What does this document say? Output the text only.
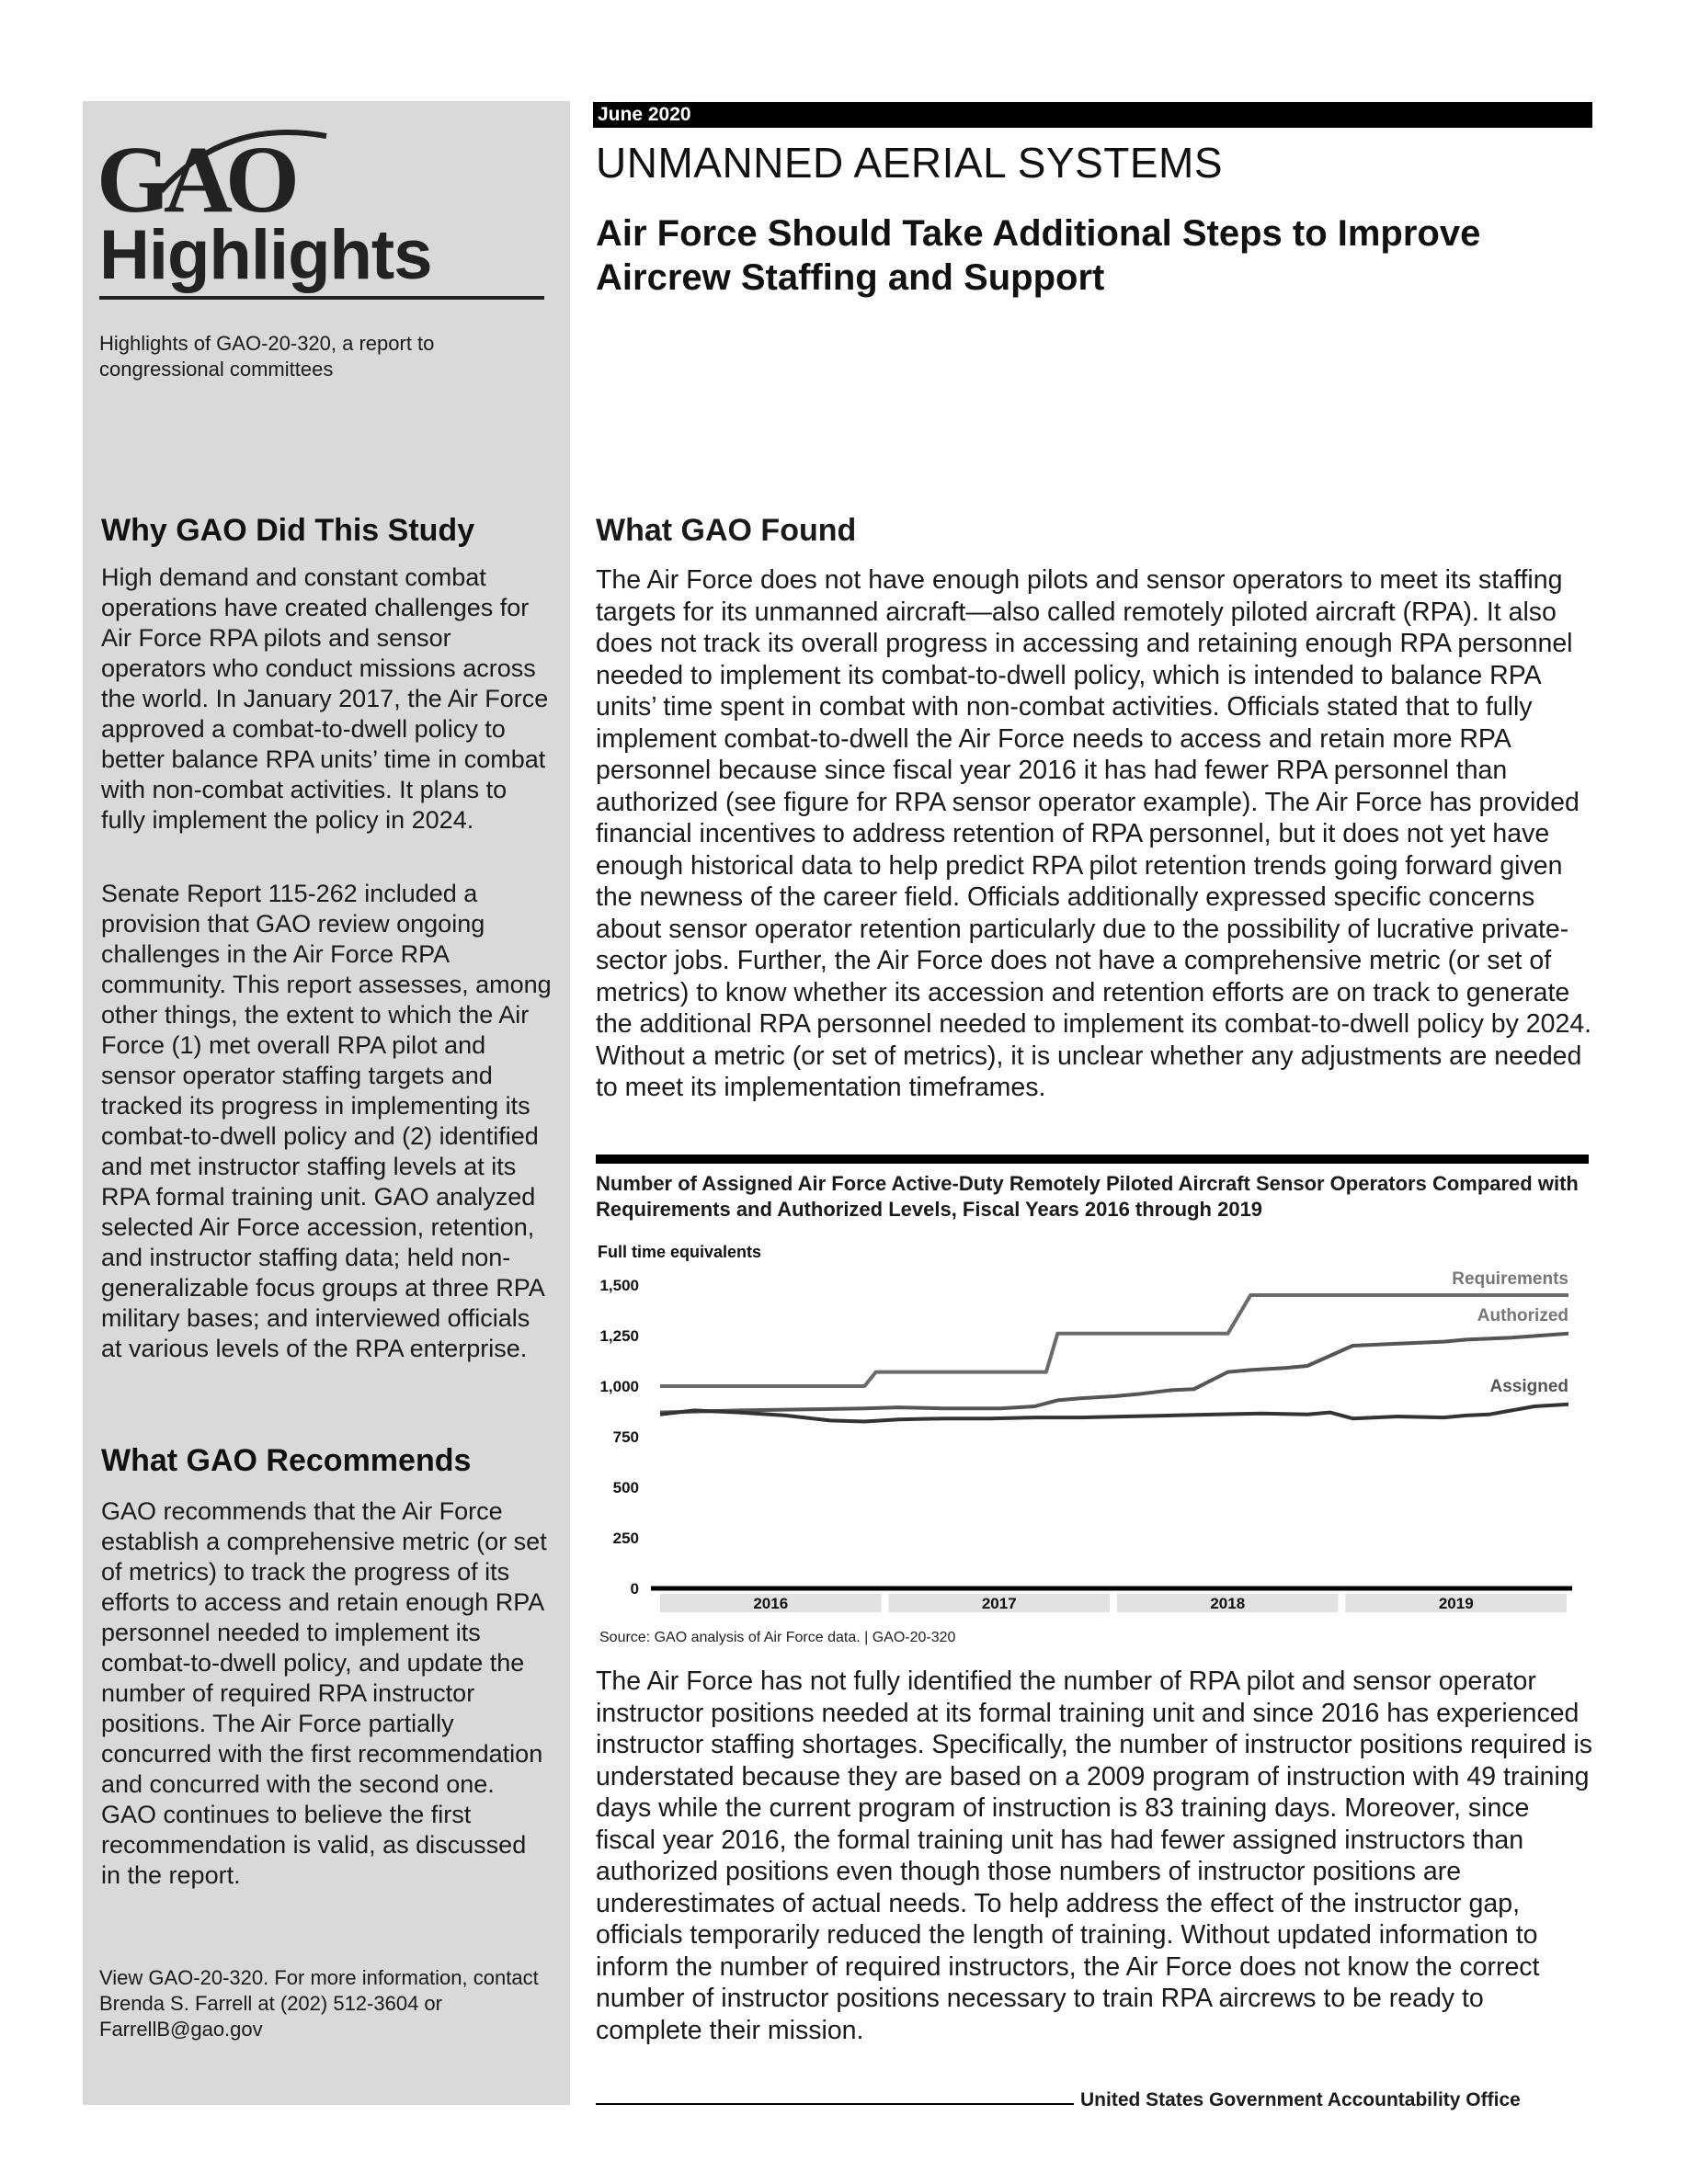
GAO
Highlights
Highlights of GAO-20-320, a report to congressional committees
Why GAO Did This Study

High demand and constant combat operations have created challenges for Air Force RPA pilots and sensor operators who conduct missions across the world. In January 2017, the Air Force approved a combat-to-dwell policy to better balance RPA units’ time in combat with non-combat activities. It plans to fully implement the policy in 2024.

Senate Report 115-262 included a provision that GAO review ongoing challenges in the Air Force RPA community. This report assesses, among other things, the extent to which the Air Force (1) met overall RPA pilot and sensor operator staffing targets and tracked its progress in implementing its combat-to-dwell policy and (2) identified and met instructor staffing levels at its RPA formal training unit. GAO analyzed selected Air Force accession, retention, and instructor staffing data; held non-generalizable focus groups at three RPA military bases; and interviewed officials at various levels of the RPA enterprise.

What GAO Recommends

GAO recommends that the Air Force establish a comprehensive metric (or set of metrics) to track the progress of its efforts to access and retain enough RPA personnel needed to implement its combat-to-dwell policy, and update the number of required RPA instructor positions. The Air Force partially concurred with the first recommendation and concurred with the second one. GAO continues to believe the first recommendation is valid, as discussed in the report.

View GAO-20-320. For more information, contact Brenda S. Farrell at (202) 512-3604 or FarrellB@gao.gov
June 2020
UNMANNED AERIAL SYSTEMS
Air Force Should Take Additional Steps to Improve Aircrew Staffing and Support
What GAO Found

The Air Force does not have enough pilots and sensor operators to meet its staffing targets for its unmanned aircraft—also called remotely piloted aircraft (RPA). It also does not track its overall progress in accessing and retaining enough RPA personnel needed to implement its combat-to-dwell policy, which is intended to balance RPA units’ time spent in combat with non-combat activities. Officials stated that to fully implement combat-to-dwell the Air Force needs to access and retain more RPA personnel because since fiscal year 2016 it has had fewer RPA personnel than authorized (see figure for RPA sensor operator example). The Air Force has provided financial incentives to address retention of RPA personnel, but it does not yet have enough historical data to help predict RPA pilot retention trends going forward given the newness of the career field. Officials additionally expressed specific concerns about sensor operator retention particularly due to the possibility of lucrative private-sector jobs. Further, the Air Force does not have a comprehensive metric (or set of metrics) to know whether its accession and retention efforts are on track to generate the additional RPA personnel needed to implement its combat-to-dwell policy by 2024. Without a metric (or set of metrics), it is unclear whether any adjustments are needed to meet its implementation timeframes.

Number of Assigned Air Force Active-Duty Remotely Piloted Aircraft Sensor Operators Compared with Requirements and Authorized Levels, Fiscal Years 2016 through 2019
Full time equivalents
1,500
1,250
1,000
750
500
250
0
2016	2017	2018	2019
Requirements
Authorized
Assigned
Source: GAO analysis of Air Force data. | GAO-20-320

The Air Force has not fully identified the number of RPA pilot and sensor operator instructor positions needed at its formal training unit and since 2016 has experienced instructor staffing shortages. Specifically, the number of instructor positions required is understated because they are based on a 2009 program of instruction with 49 training days while the current program of instruction is 83 training days. Moreover, since fiscal year 2016, the formal training unit has had fewer assigned instructors than authorized positions even though those numbers of instructor positions are underestimates of actual needs. To help address the effect of the instructor gap, officials temporarily reduced the length of training. Without updated information to inform the number of required instructors, the Air Force does not know the correct number of instructor positions necessary to train RPA aircrews to be ready to complete their mission.

United States Government Accountability Office
